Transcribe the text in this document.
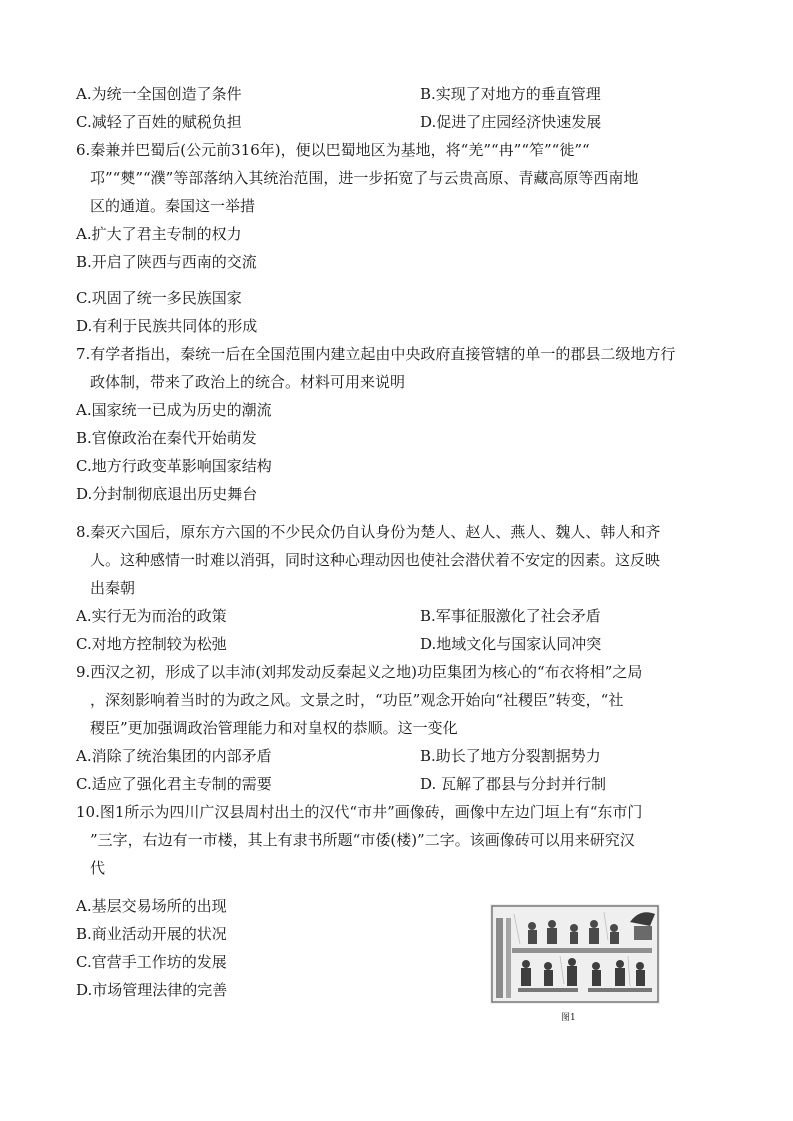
A.为统一全国创造了条件	B.实现了对地方的垂直管理
C.减轻了百姓的赋税负担	D.促进了庄园经济快速发展
6.秦兼并巴蜀后(公元前316年)，便以巴蜀地区为基地，将“羌”“冉”“笮”“徙”“
邛”“僰”“濮”等部落纳入其统治范围，进一步拓宽了与云贵高原、青藏高原等西南地
区的通道。秦国这一举措
A.扩大了君主专制的权力
B.开启了陕西与西南的交流
C.巩固了统一多民族国家
D.有利于民族共同体的形成
7.有学者指出，秦统一后在全国范围内建立起由中央政府直接管辖的单一的郡县二级地方行
政体制，带来了政治上的统合。材料可用来说明
A.国家统一已成为历史的潮流
B.官僚政治在秦代开始萌发
C.地方行政变革影响国家结构
D.分封制彻底退出历史舞台
8.秦灭六国后，原东方六国的不少民众仍自认身份为楚人、赵人、燕人、魏人、韩人和齐
人。这种感情一时难以消弭，同时这种心理动因也使社会潜伏着不安定的因素。这反映
出秦朝
A.实行无为而治的政策	B.军事征服激化了社会矛盾
C.对地方控制较为松弛	D.地域文化与国家认同冲突
9.西汉之初，形成了以丰沛(刘邦发动反秦起义之地)功臣集团为核心的“布衣将相”之局
，深刻影响着当时的为政之风。文景之时，“功臣”观念开始向“社稷臣”转变，“社
稷臣”更加强调政治管理能力和对皇权的恭顺。这一变化
A.消除了统治集团的内部矛盾	B.助长了地方分裂割据势力
C.适应了强化君主专制的需要	D. 瓦解了郡县与分封并行制
10.图1所示为四川广汉县周村出土的汉代“市井”画像砖，画像中左边门垣上有“东市门
”三字，右边有一市楼，其上有隶书所题“市倭(楼)”二字。该画像砖可以用来研究汉
代
A.基层交易场所的出现
B.商业活动开展的状况
C.官营手工作坊的发展
D.市场管理法律的完善
图1
